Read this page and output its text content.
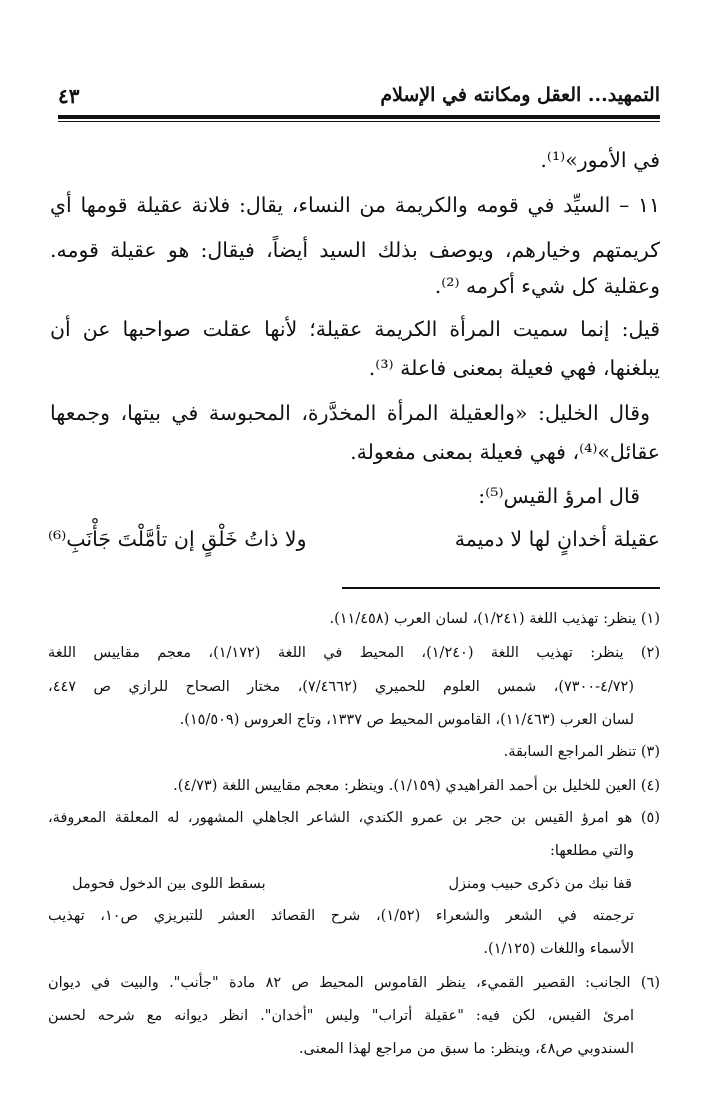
التمهيد... العقل ومكانته في الإسلام
٤٣
في الأمور»⁽¹⁾.
١١ – السيِّد في قومه والكريمة من النساء، يقال: فلانة عقيلة قومها أي
كريمتهم وخيارهم، ويوصف بذلك السيد أيضاً، فيقال: هو عقيلة قومه.
وعقلية كل شيء أكرمه ⁽²⁾.
قيل: إنما سميت المرأة الكريمة عقيلة؛ لأنها عقلت صواحبها عن أن
يبلغنها، فهي فعيلة بمعنى فاعلة ⁽³⁾.
وقال الخليل: «والعقيلة المرأة المخدَّرة، المحبوسة في بيتها، وجمعها
عقائل»⁽⁴⁾، فهي فعيلة بمعنى مفعولة.
قال امرؤ القيس⁽⁵⁾:
عقيلة أخدانٍ لها لا دميمة
ولا ذاتُ خَلْقٍ إن تأمَّلْتَ جَأْنَبِ⁽⁶⁾
(١) ينظر: تهذيب اللغة (١/٢٤١)، لسان العرب (١١/٤٥٨).
(٢) ينظر: تهذيب اللغة (١/٢٤٠)، المحيط في اللغة (١/١٧٢)، معجم مقاييس اللغة
(٤/٧٢-٧٣٠٠)، شمس العلوم للحميري (٧/٤٦٦٢)، مختار الصحاح للرازي ص ٤٤٧،
لسان العرب (١١/٤٦٣)، القاموس المحيط ص ١٣٣٧، وتاج العروس (١٥/٥٠٩).
(٣) تنظر المراجع السابقة.
(٤) العين للخليل بن أحمد الفراهيدي (١/١٥٩). وينظر: معجم مقاييس اللغة (٤/٧٣).
(٥) هو امرؤ القيس بن حجر بن عمرو الكندي، الشاعر الجاهلي المشهور، له المعلقة المعروفة،
والتي مطلعها:
قفا نبك من ذكرى حبيب ومنزل
بسقط اللوى بين الدخول فحومل
ترجمته في الشعر والشعراء (١/٥٢)، شرح القصائد العشر للتبريزي ص١٠، تهذيب
الأسماء واللغات (١/١٢٥).
(٦) الجانب: القصير القميء، ينظر القاموس المحيط ص ٨٢ مادة "جأنب". والبيت في ديوان
امرئ القيس، لكن فيه: "عقيلة أتراب" وليس "أخدان". انظر ديوانه مع شرحه لحسن
السندوبي ص٤٨، وينظر: ما سبق من مراجع لهذا المعنى.
